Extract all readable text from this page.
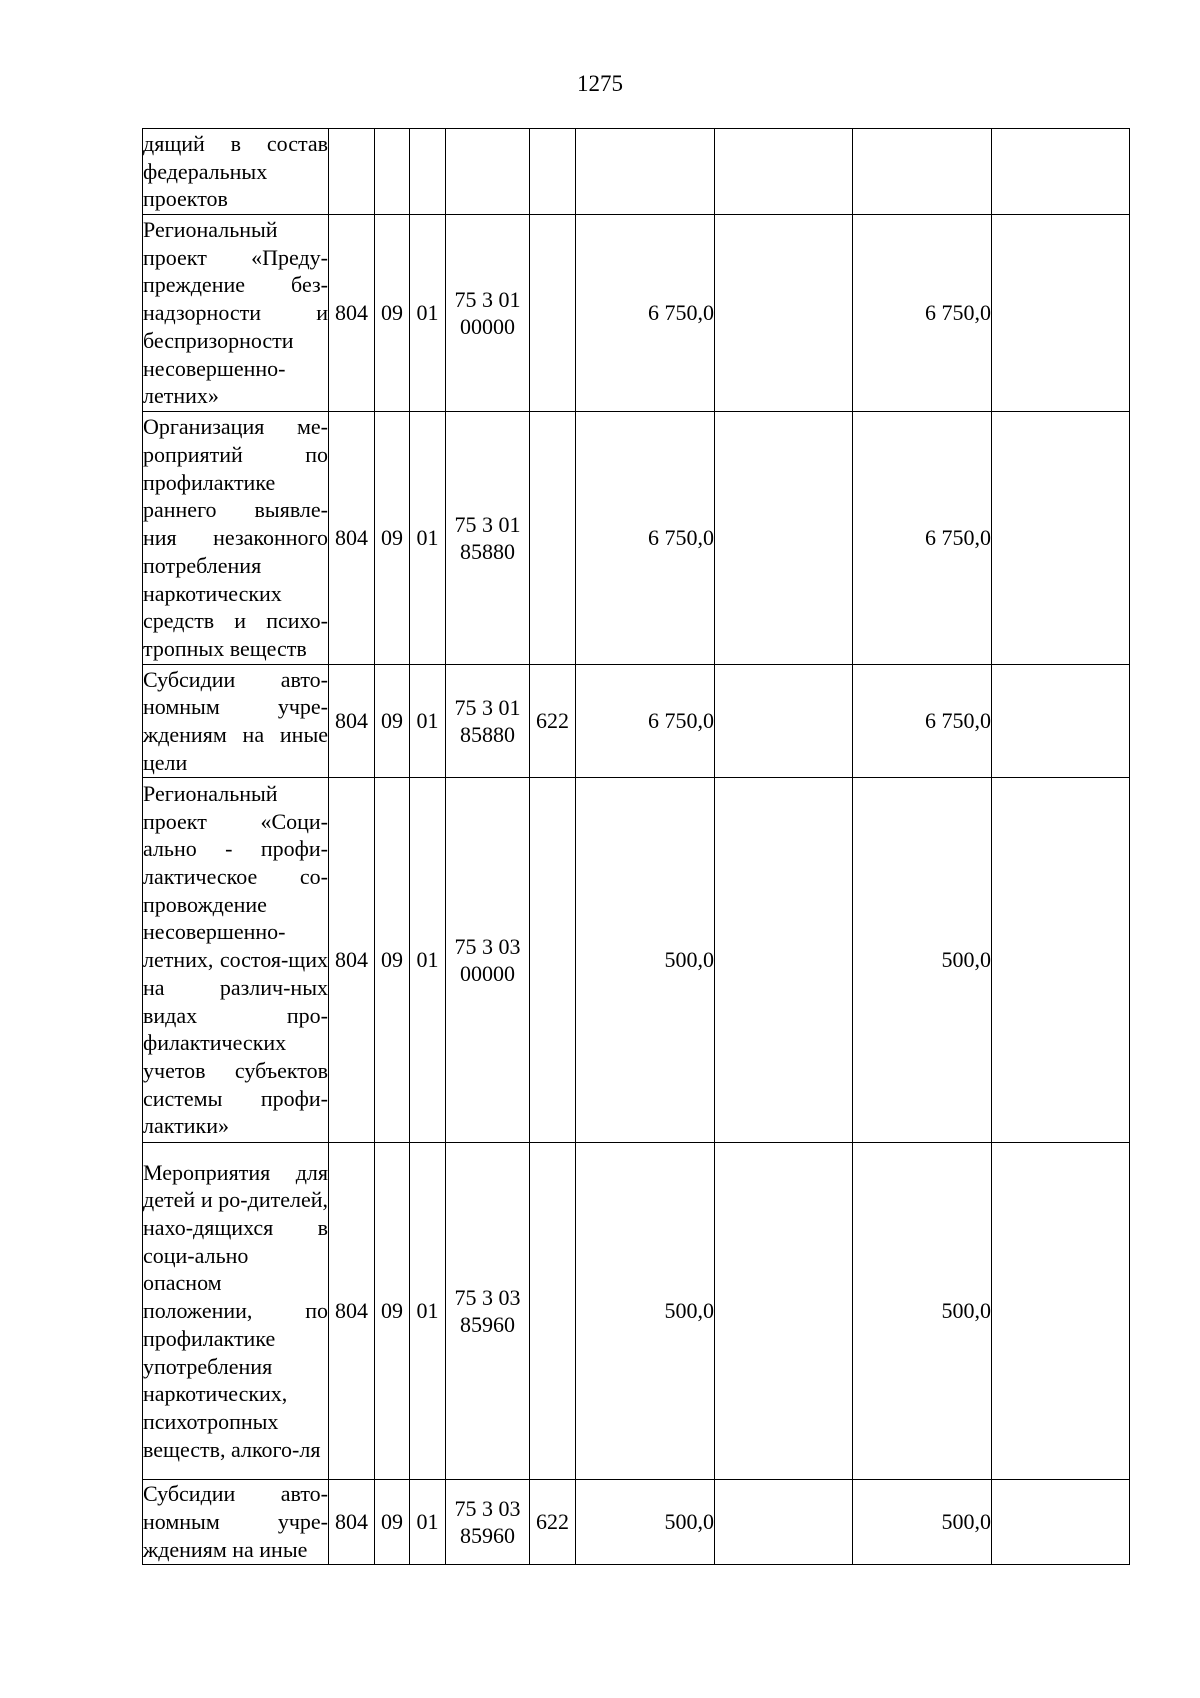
1275
дящий в состав федеральных проектов									
Региональный проект «Преду-преждение без-надзорности и беспризорности несовершенно-летних»	804	09	01	75 3 01 00000		6 750,0		6 750,0	
Организация ме-роприятий по профилактике раннего выявле-ния незаконного потребления наркотических средств и психо-тропных веществ	804	09	01	75 3 01 85880		6 750,0		6 750,0	
Субсидии авто-номным учре-ждениям на иные цели	804	09	01	75 3 01 85880	622	6 750,0		6 750,0	
Региональный проект «Соци-ально - профи-лактическое со-провождение несовершенно-летних, состоя-щих на различ-ных видах про-филактических учетов субъектов системы профи-лактики»	804	09	01	75 3 03 00000		500,0		500,0	
Мероприятия для детей и ро-дителей, нахо-дящихся в соци-ально опасном положении, по профилактике употребления наркотических, психотропных веществ, алкого-ля	804	09	01	75 3 03 85960		500,0		500,0	
Субсидии авто-номным учре-ждениям на иные	804	09	01	75 3 03 85960	622	500,0		500,0	
